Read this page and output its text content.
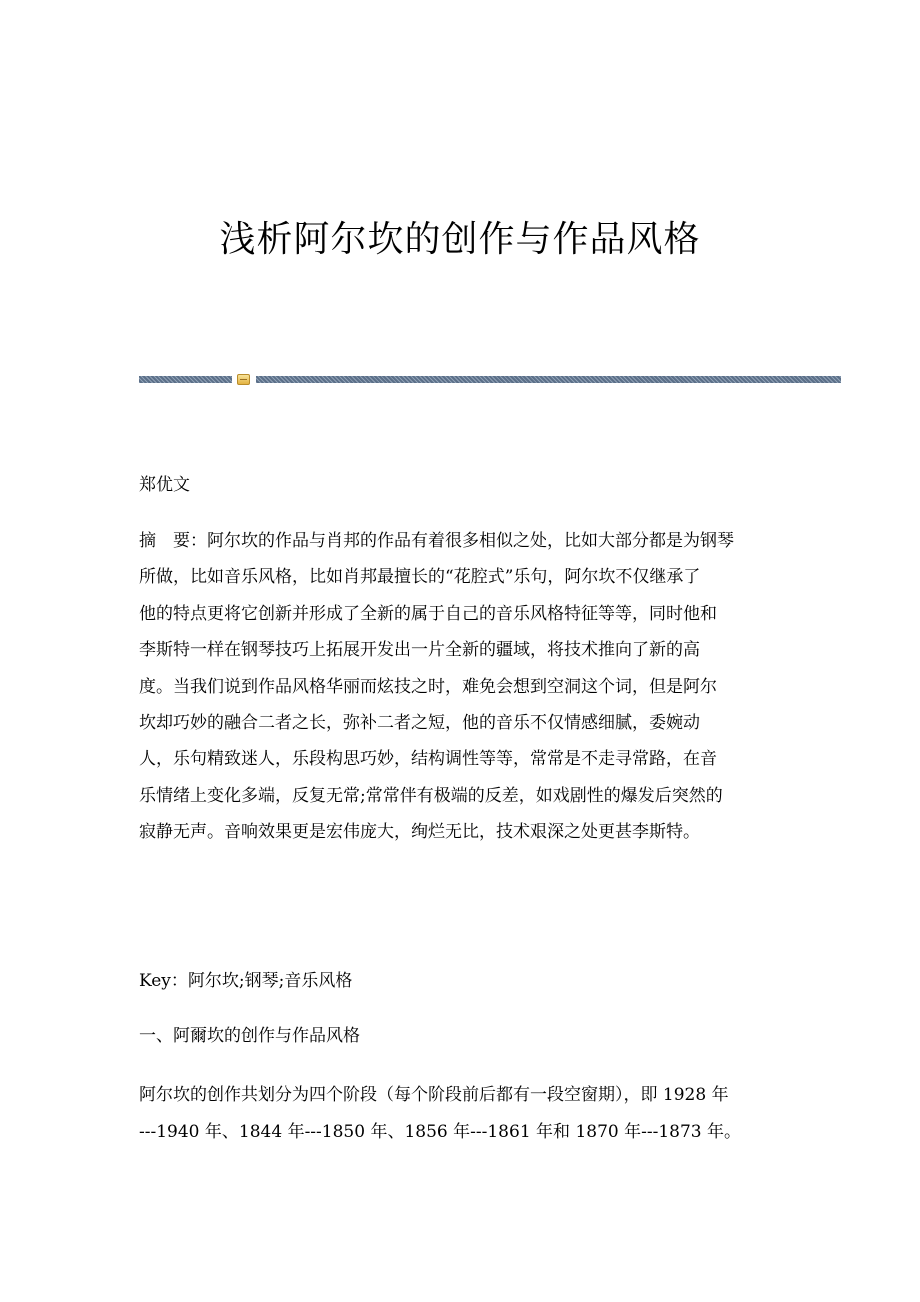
浅析阿尔坎的创作与作品风格
郑优文
摘　要：阿尔坎的作品与肖邦的作品有着很多相似之处，比如大部分都是为钢琴
所做，比如音乐风格，比如肖邦最擅长的“花腔式”乐句，阿尔坎不仅继承了
他的特点更将它创新并形成了全新的属于自己的音乐风格特征等等，同时他和
李斯特一样在钢琴技巧上拓展开发出一片全新的疆域，将技术推向了新的高
度。当我们说到作品风格华丽而炫技之时，难免会想到空洞这个词，但是阿尔
坎却巧妙的融合二者之长，弥补二者之短，他的音乐不仅情感细腻，委婉动
人，乐句精致迷人，乐段构思巧妙，结构调性等等，常常是不走寻常路，在音
乐情绪上变化多端，反复无常;常常伴有极端的反差，如戏剧性的爆发后突然的
寂静无声。音响效果更是宏伟庞大，绚烂无比，技术艰深之处更甚李斯特。
Key：阿尔坎;钢琴;音乐风格
一、阿爾坎的创作与作品风格
阿尔坎的创作共划分为四个阶段（每个阶段前后都有一段空窗期），即 1928 年
---1940 年、1844 年---1850 年、1856 年---1861 年和 1870 年---1873 年。
